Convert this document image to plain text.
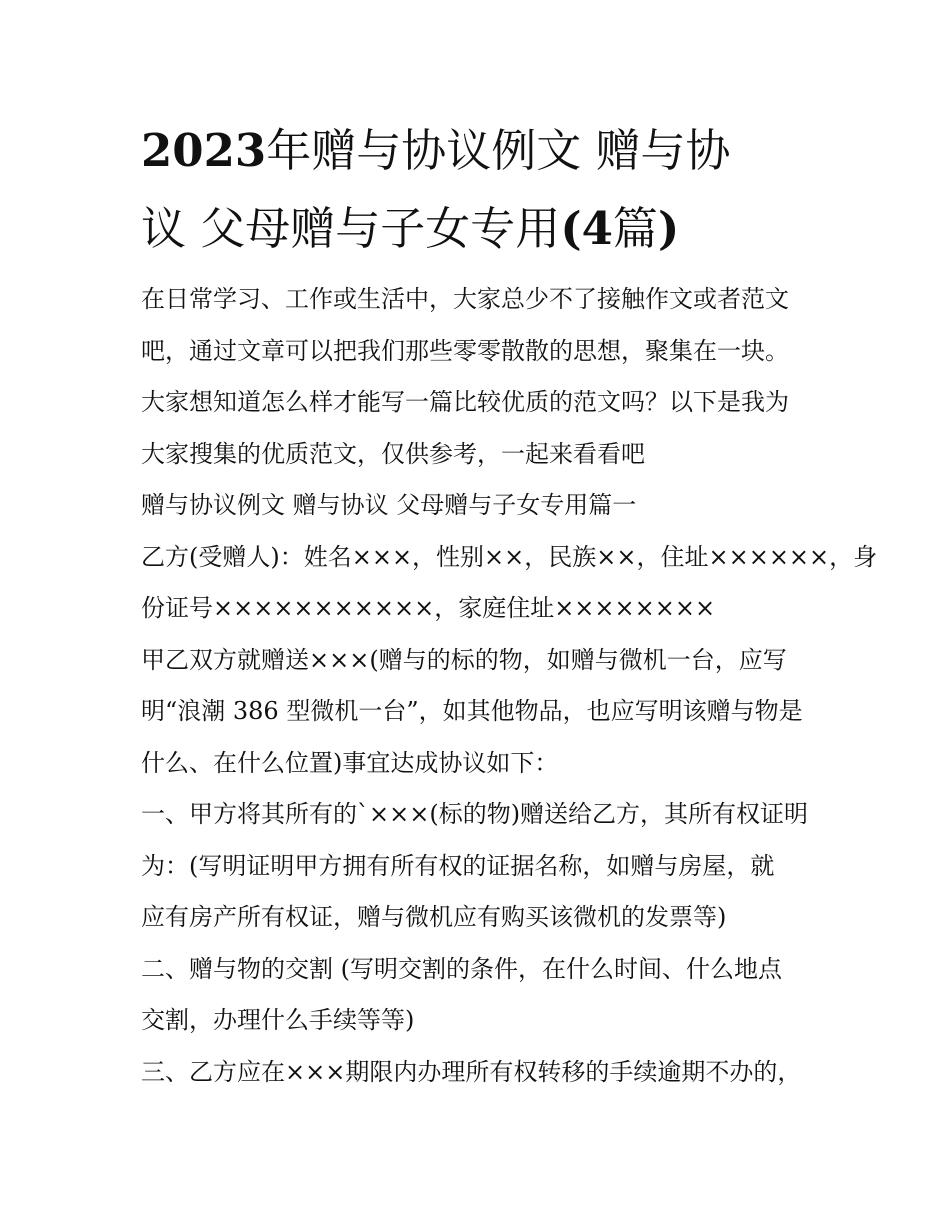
2023年赠与协议例文 赠与协
议 父母赠与子女专用(4篇)

在日常学习、工作或生活中，大家总少不了接触作文或者范文

吧，通过文章可以把我们那些零零散散的思想，聚集在一块。

大家想知道怎么样才能写一篇比较优质的范文吗？以下是我为

大家搜集的优质范文，仅供参考，一起来看看吧

赠与协议例文 赠与协议 父母赠与子女专用篇一

乙方(受赠人)：姓名×××，性别××，民族××，住址××××××，身

份证号×××××××××××，家庭住址××××××××

甲乙双方就赠送×××(赠与的标的物，如赠与微机一台，应写

明“浪潮 386 型微机一台”，如其他物品，也应写明该赠与物是

什么、在什么位置)事宜达成协议如下：

一、甲方将其所有的`×××(标的物)赠送给乙方，其所有权证明

为：(写明证明甲方拥有所有权的证据名称，如赠与房屋，就

应有房产所有权证，赠与微机应有购买该微机的发票等)

二、赠与物的交割 (写明交割的条件，在什么时间、什么地点

交割，办理什么手续等等)

三、乙方应在×××期限内办理所有权转移的手续逾期不办的，
